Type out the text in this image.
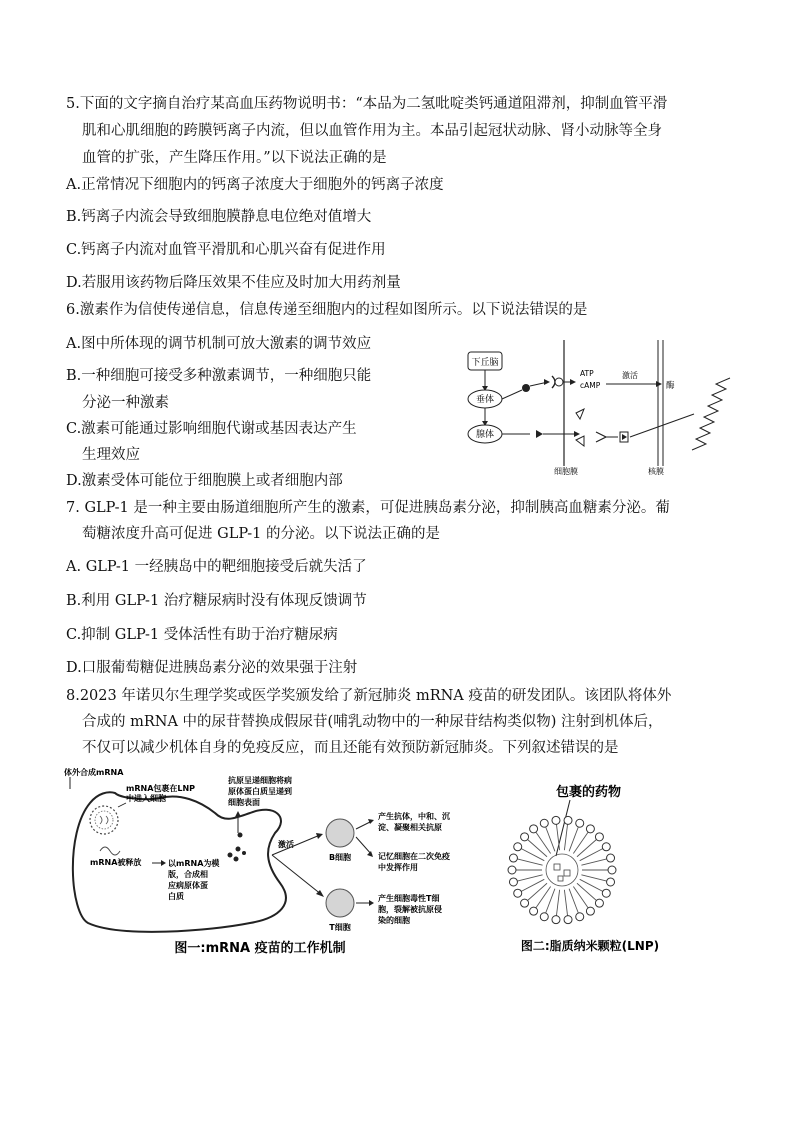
5.下面的文字摘自治疗某高血压药物说明书：“本品为二氢吡啶类钙通道阻滞剂，抑制血管平滑
肌和心肌细胞的跨膜钙离子内流，但以血管作用为主。本品引起冠状动脉、肾小动脉等全身
血管的扩张，产生降压作用。”以下说法正确的是
A.正常情况下细胞内的钙离子浓度大于细胞外的钙离子浓度
B.钙离子内流会导致细胞膜静息电位绝对值增大
C.钙离子内流对血管平滑肌和心肌兴奋有促进作用
D.若服用该药物后降压效果不佳应及时加大用药剂量
6.激素作为信使传递信息，信息传递至细胞内的过程如图所示。以下说法错误的是
A.图中所体现的调节机制可放大激素的调节效应
B.一种细胞可接受多种激素调节，一种细胞只能
分泌一种激素
C.激素可能通过影响细胞代谢或基因表达产生
生理效应
D.激素受体可能位于细胞膜上或者细胞内部
下丘脑
垂体
腺体
ATP
cAMP
激活
酶
细胞膜	核膜
7. GLP-1 是一种主要由肠道细胞所产生的激素，可促进胰岛素分泌，抑制胰高血糖素分泌。葡
萄糖浓度升高可促进 GLP-1 的分泌。以下说法正确的是
A. GLP-1 一经胰岛中的靶细胞接受后就失活了
B.利用 GLP-1 治疗糖尿病时没有体现反馈调节
C.抑制 GLP-1 受体活性有助于治疗糖尿病
D.口服葡萄糖促进胰岛素分泌的效果强于注射
8.2023 年诺贝尔生理学奖或医学奖颁发给了新冠肺炎 mRNA 疫苗的研发团队。该团队将体外
合成的 mRNA 中的尿苷替换成假尿苷(哺乳动物中的一种尿苷结构类似物) 注射到机体后，
不仅可以减少机体自身的免疫反应，而且还能有效预防新冠肺炎。下列叙述错误的是
体外合成mRNA
mRNA包裹在LNP
中进入细胞
mRNA被释放	以mRNA为模
版，合成相
应病原体蛋
白质
抗原呈递细胞将病
原体蛋白质呈递到
细胞表面
激活
B细胞
产生抗体，中和、沉
淀、凝聚相关抗原
记忆细胞在二次免疫
中发挥作用
T细胞
产生细胞毒性T细
胞，裂解被抗原侵
染的细胞
图一:mRNA 疫苗的工作机制
包裹的药物
图二:脂质纳米颗粒(LNP)
